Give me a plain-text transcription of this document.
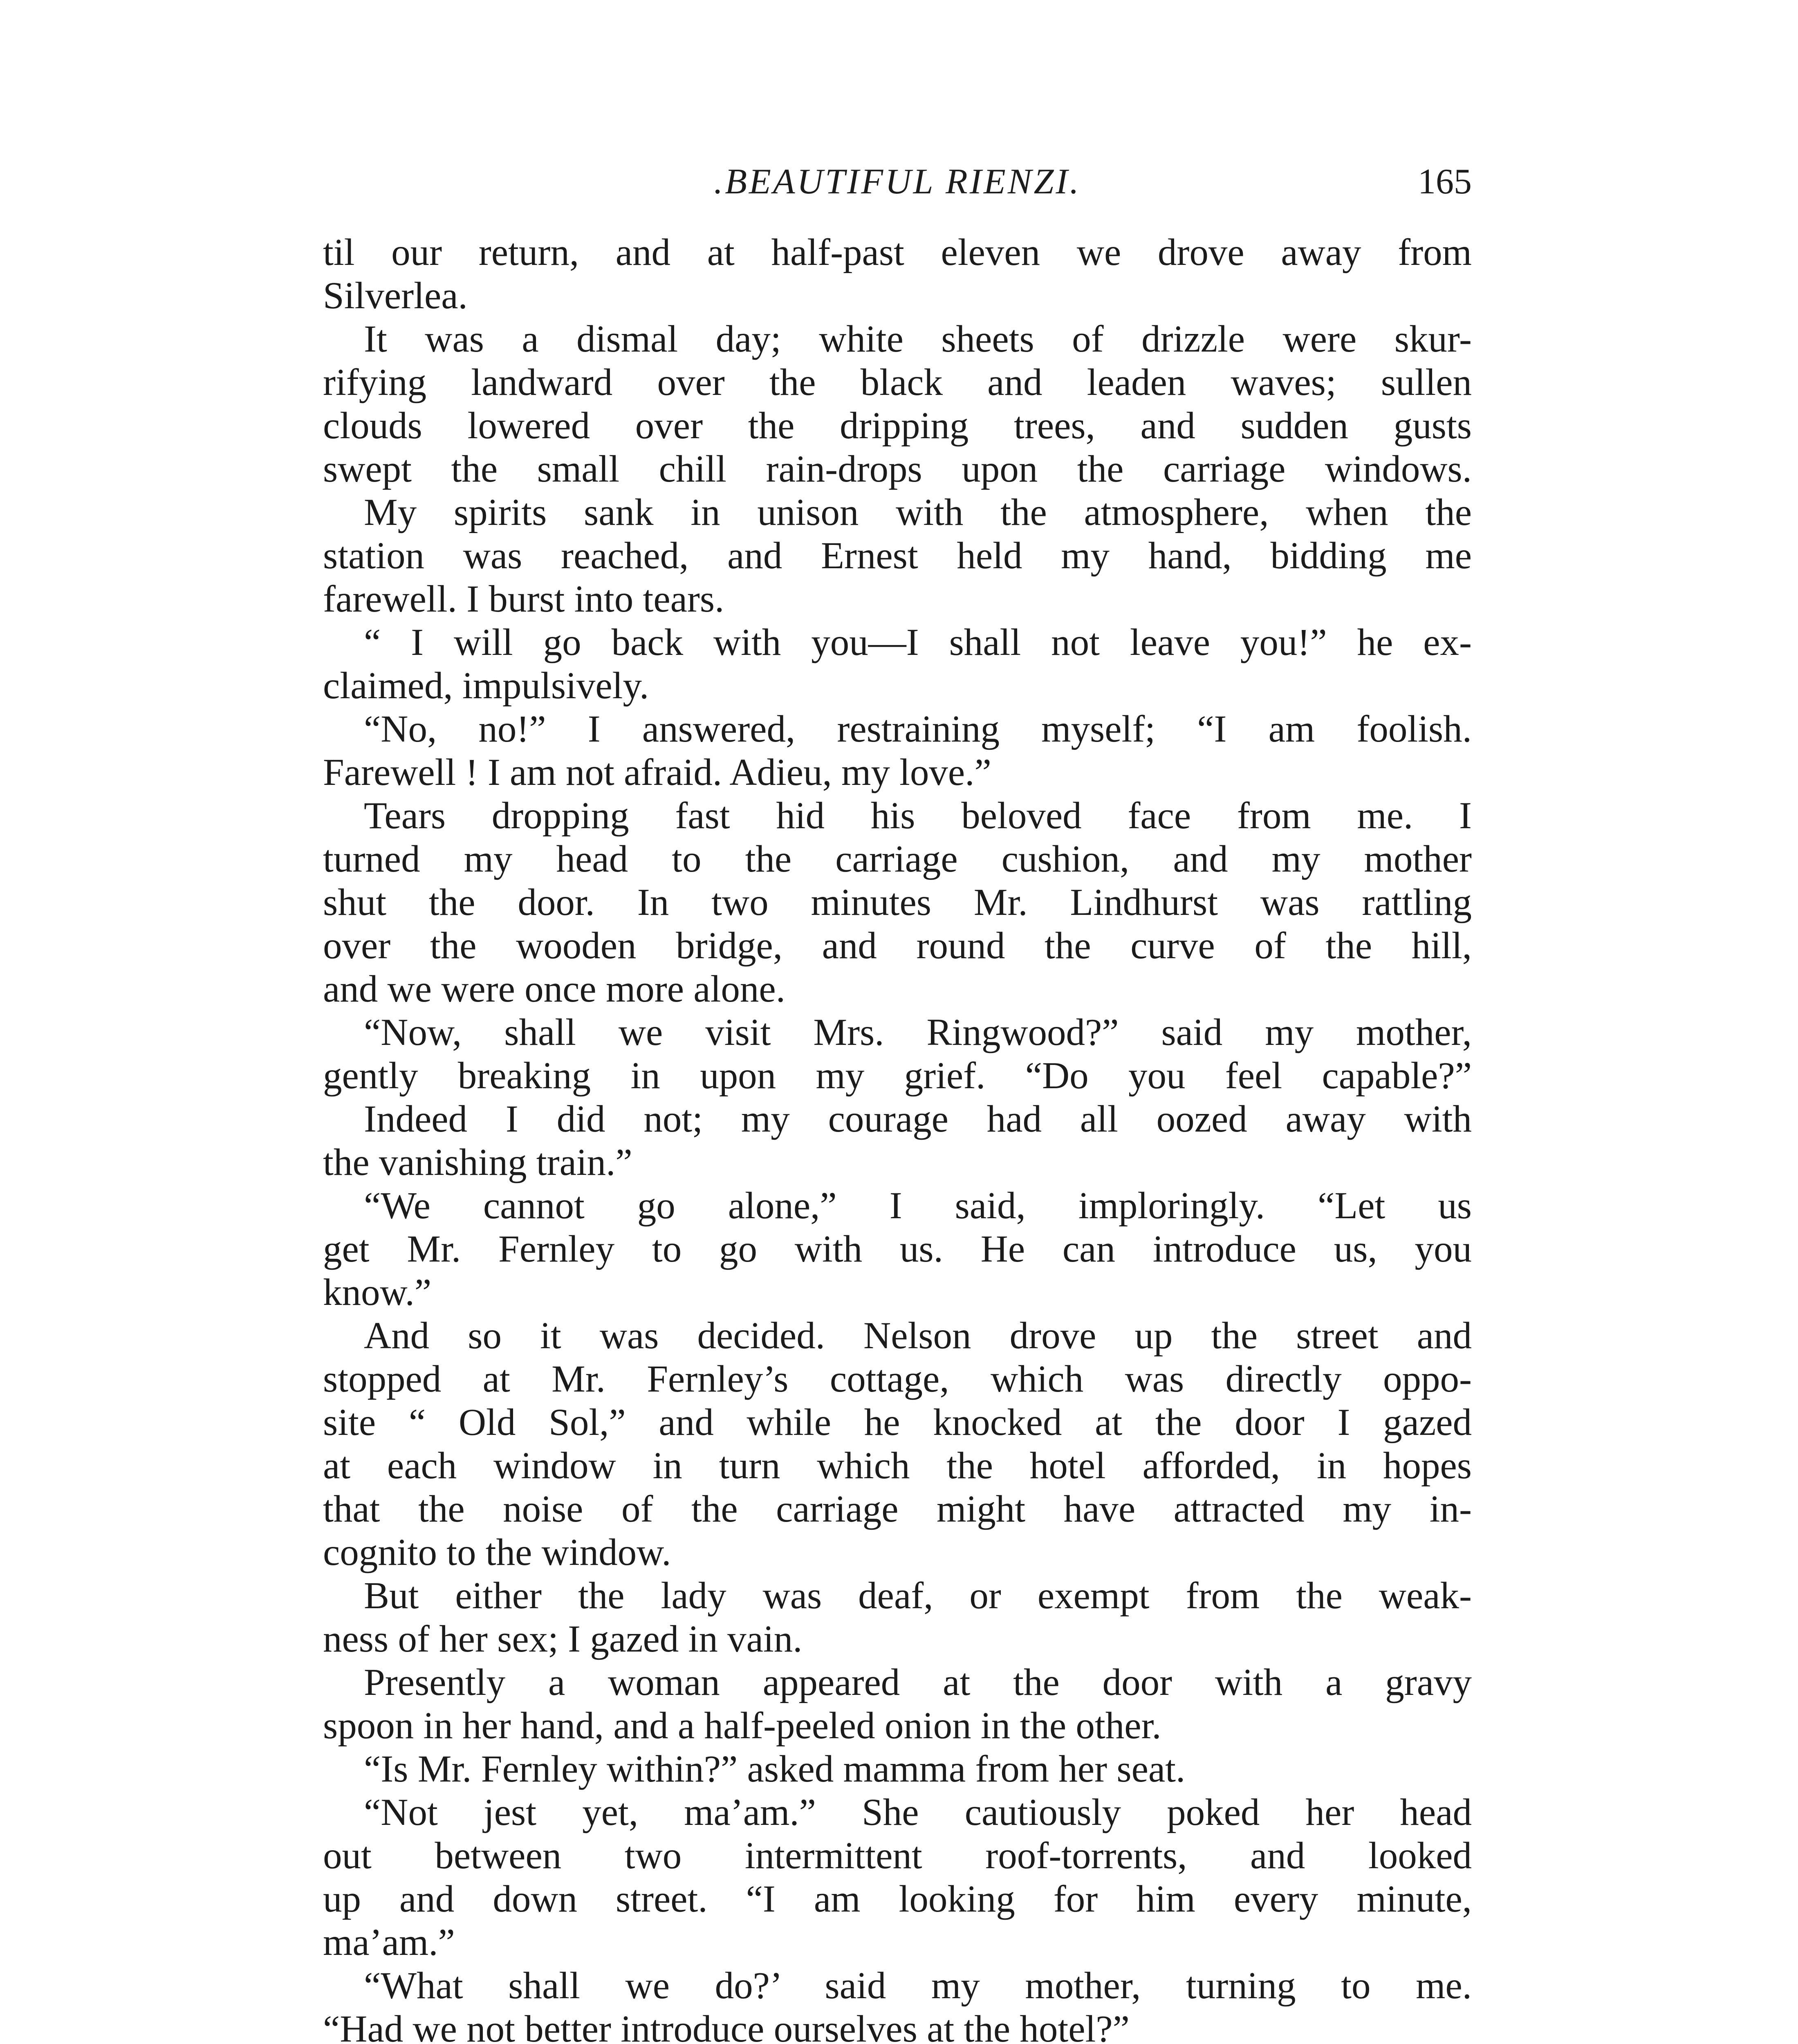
.BEAUTIFUL RIENZI.	165
til our return, and at half-past eleven we drove away from
Silverlea.
It was a dismal day; white sheets of drizzle were skur-
rifying landward over the black and leaden waves; sullen
clouds lowered over the dripping trees, and sudden gusts
swept the small chill rain-drops upon the carriage windows.
My spirits sank in unison with the atmosphere, when the
station was reached, and Ernest held my hand, bidding me
farewell. I burst into tears.
“ I will go back with you—I shall not leave you!” he ex-
claimed, impulsively.
“No, no!” I answered, restraining myself; “I am foolish.
Farewell ! I am not afraid. Adieu, my love.”
Tears dropping fast hid his beloved face from me. I
turned my head to the carriage cushion, and my mother
shut the door. In two minutes Mr. Lindhurst was rattling
over the wooden bridge, and round the curve of the hill,
and we were once more alone.
“Now, shall we visit Mrs. Ringwood?” said my mother,
gently breaking in upon my grief. “Do you feel capable?”
Indeed I did not; my courage had all oozed away with
the vanishing train.”
“We cannot go alone,” I said, imploringly. “Let us
get Mr. Fernley to go with us. He can introduce us, you
know.”
And so it was decided. Nelson drove up the street and
stopped at Mr. Fernley’s cottage, which was directly oppo-
site “ Old Sol,” and while he knocked at the door I gazed
at each window in turn which the hotel afforded, in hopes
that the noise of the carriage might have attracted my in-
cognito to the window.
But either the lady was deaf, or exempt from the weak-
ness of her sex; I gazed in vain.
Presently a woman appeared at the door with a gravy
spoon in her hand, and a half-peeled onion in the other.
“Is Mr. Fernley within?” asked mamma from her seat.
“Not jest yet, ma’am.” She cautiously poked her head
out between two intermittent roof-torrents, and looked
up and down street. “I am looking for him every minute,
ma’am.”
“What shall we do?’ said my mother, turning to me.
“Had we not better introduce ourselves at the hotel?”
